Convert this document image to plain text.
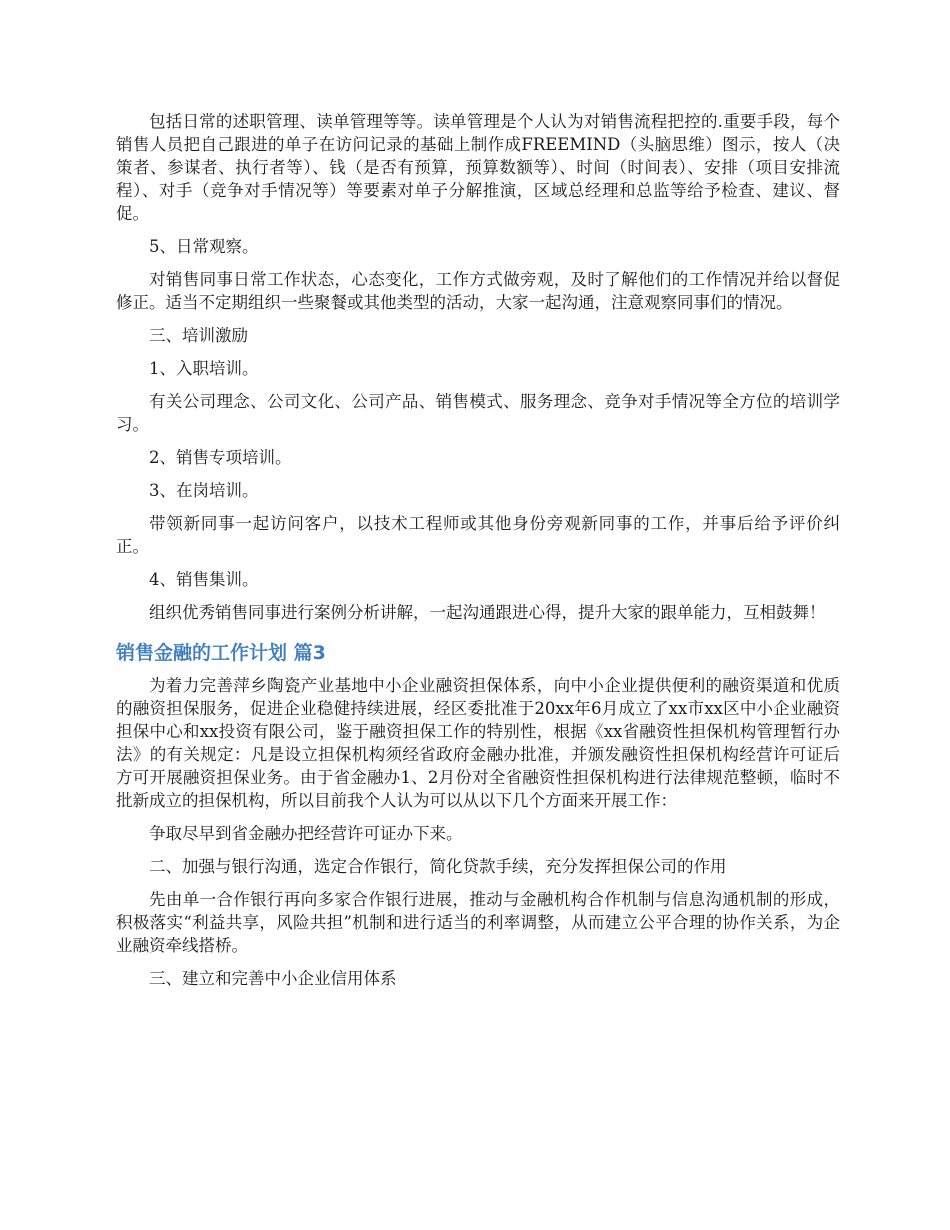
包括日常的述职管理、读单管理等等。读单管理是个人认为对销售流程把控的.重要手段，每个销售人员把自己跟进的单子在访问记录的基础上制作成FREEMIND（头脑思维）图示，按人（决策者、参谋者、执行者等）、钱（是否有预算，预算数额等）、时间（时间表）、安排（项目安排流程）、对手（竞争对手情况等）等要素对单子分解推演，区域总经理和总监等给予检查、建议、督促。

5、日常观察。

对销售同事日常工作状态，心态变化，工作方式做旁观，及时了解他们的工作情况并给以督促修正。适当不定期组织一些聚餐或其他类型的活动，大家一起沟通，注意观察同事们的情况。

三、培训激励

1、入职培训。

有关公司理念、公司文化、公司产品、销售模式、服务理念、竞争对手情况等全方位的培训学习。

2、销售专项培训。

3、在岗培训。

带领新同事一起访问客户，以技术工程师或其他身份旁观新同事的工作，并事后给予评价纠正。

4、销售集训。

组织优秀销售同事进行案例分析讲解，一起沟通跟进心得，提升大家的跟单能力，互相鼓舞！

销售金融的工作计划 篇3

为着力完善萍乡陶瓷产业基地中小企业融资担保体系，向中小企业提供便利的融资渠道和优质的融资担保服务，促进企业稳健持续进展，经区委批准于20xx年6月成立了xx市xx区中小企业融资担保中心和xx投资有限公司，鉴于融资担保工作的特别性，根据《xx省融资性担保机构管理暂行办法》的有关规定：凡是设立担保机构须经省政府金融办批准，并颁发融资性担保机构经营许可证后方可开展融资担保业务。由于省金融办1、2月份对全省融资性担保机构进行法律规范整顿，临时不批新成立的担保机构，所以目前我个人认为可以从以下几个方面来开展工作：

争取尽早到省金融办把经营许可证办下来。

二、加强与银行沟通，选定合作银行，简化贷款手续，充分发挥担保公司的作用

先由单一合作银行再向多家合作银行进展，推动与金融机构合作机制与信息沟通机制的形成，积极落实“利益共享，风险共担”机制和进行适当的利率调整，从而建立公平合理的协作关系，为企业融资牵线搭桥。

三、建立和完善中小企业信用体系
